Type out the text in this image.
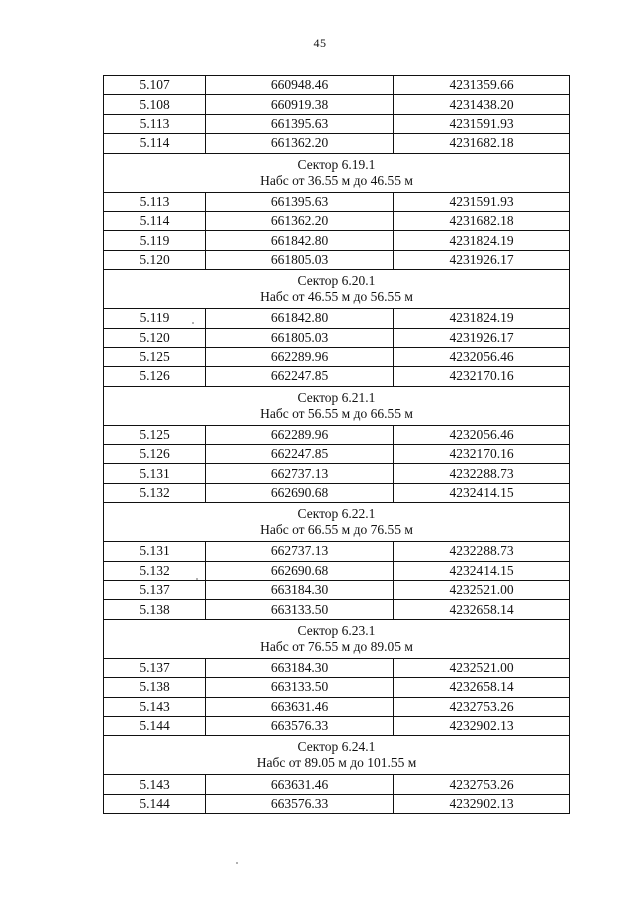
45
5.107	660948.46	4231359.66
5.108	660919.38	4231438.20
5.113	661395.63	4231591.93
5.114	661362.20	4231682.18

Сектор 6.19.1
Набс от 36.55 м до 46.55 м		

5.113	661395.63	4231591.93
5.114	661362.20	4231682.18
5.119	661842.80	4231824.19
5.120	661805.03	4231926.17

Сектор 6.20.1
Набс от 46.55 м до 56.55 м		

5.119	661842.80	4231824.19
5.120	661805.03	4231926.17
5.125	662289.96	4232056.46
5.126	662247.85	4232170.16

Сектор 6.21.1
Набс от 56.55 м до 66.55 м		

5.125	662289.96	4232056.46
5.126	662247.85	4232170.16
5.131	662737.13	4232288.73
5.132	662690.68	4232414.15

Сектор 6.22.1
Набс от 66.55 м до 76.55 м		

5.131	662737.13	4232288.73
5.132	662690.68	4232414.15
5.137	663184.30	4232521.00
5.138	663133.50	4232658.14

Сектор 6.23.1
Набс от 76.55 м до 89.05 м		

5.137	663184.30	4232521.00
5.138	663133.50	4232658.14
5.143	663631.46	4232753.26
5.144	663576.33	4232902.13

Сектор 6.24.1
Набс от 89.05 м до 101.55 м		

5.143	663631.46	4232753.26
5.144	663576.33	4232902.13
